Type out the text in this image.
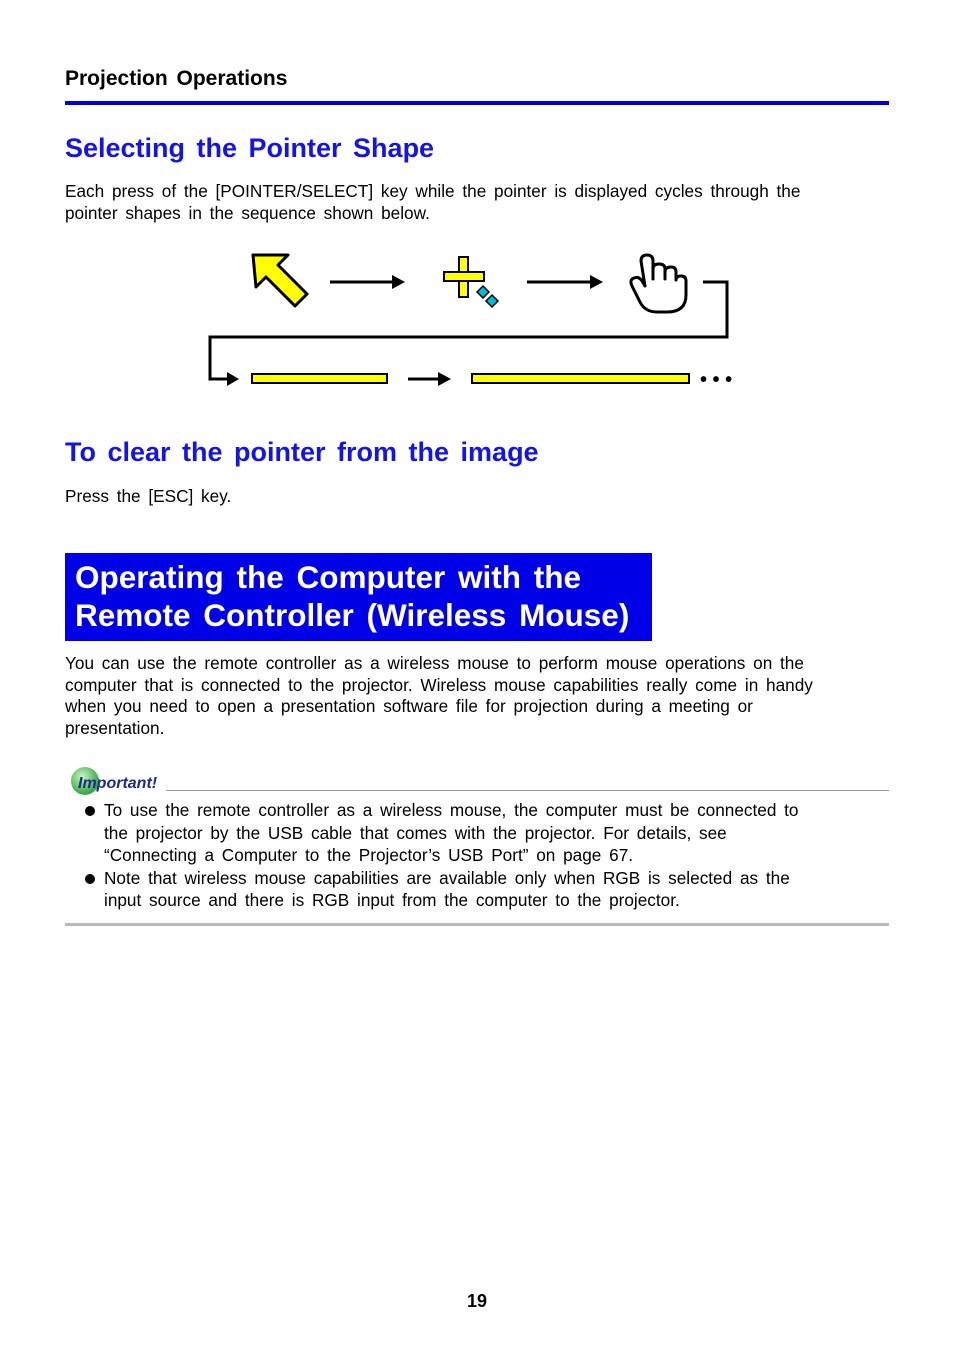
Projection Operations
Selecting the Pointer Shape
Each press of the [POINTER/SELECT] key while the pointer is displayed cycles through the
pointer shapes in the sequence shown below.
• • •
To clear the pointer from the image
Press the [ESC] key.
Operating the Computer with the
Remote Controller (Wireless Mouse)
You can use the remote controller as a wireless mouse to perform mouse operations on the
computer that is connected to the projector. Wireless mouse capabilities really come in handy
when you need to open a presentation software file for projection during a meeting or
presentation.
Important!
To use the remote controller as a wireless mouse, the computer must be connected to
the projector by the USB cable that comes with the projector. For details, see
“Connecting a Computer to the Projector’s USB Port” on page 67.
Note that wireless mouse capabilities are available only when RGB is selected as the
input source and there is RGB input from the computer to the projector.
19
